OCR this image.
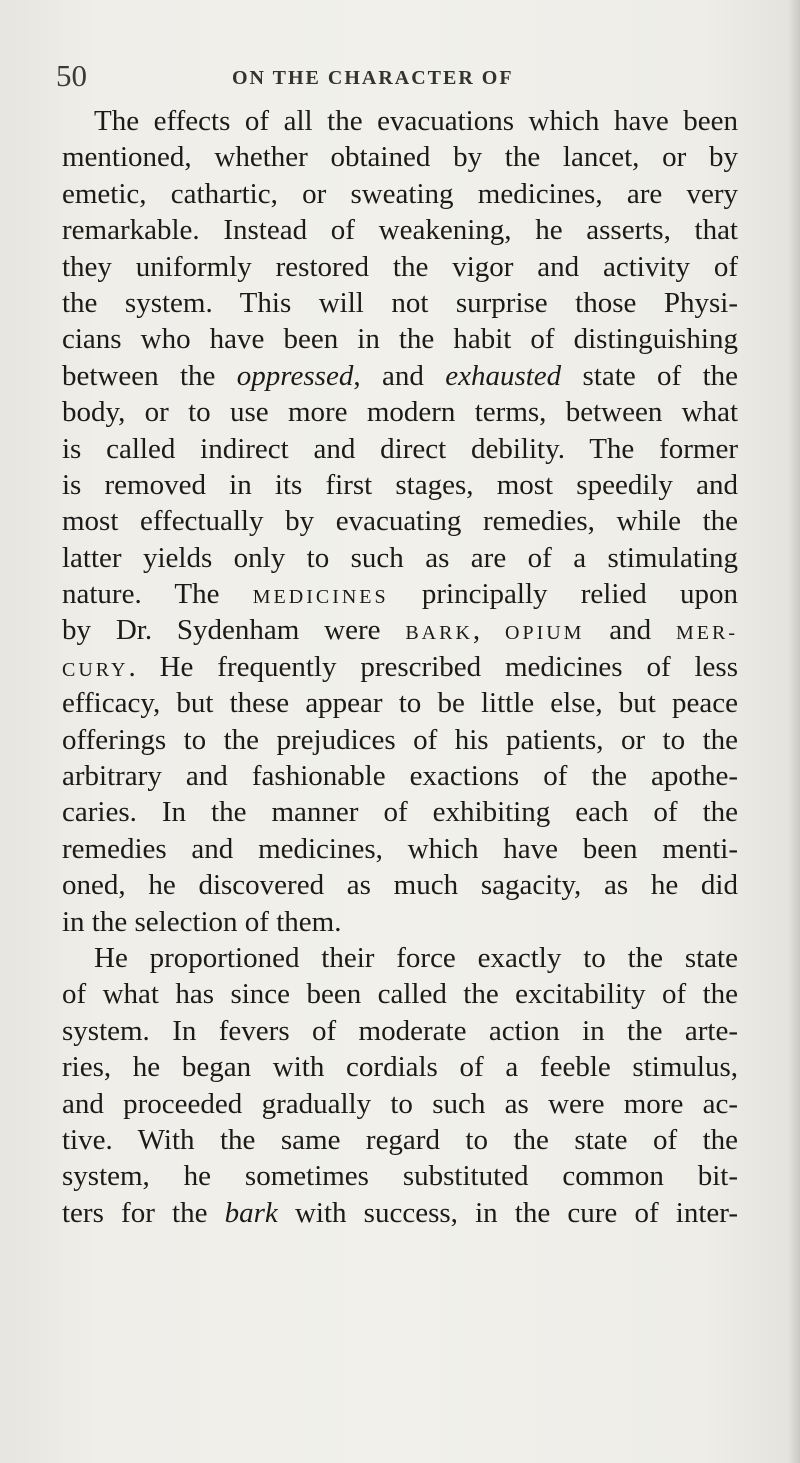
50	ON THE CHARACTER OF
The effects of all the evacuations which have been
mentioned, whether obtained by the lancet, or by
emetic, cathartic, or sweating medicines, are very
remarkable. Instead of weakening, he asserts, that
they uniformly restored the vigor and activity of
the system. This will not surprise those Physi-
cians who have been in the habit of distinguishing
between the oppressed, and exhausted state of the
body, or to use more modern terms, between what
is called indirect and direct debility. The former
is removed in its first stages, most speedily and
most effectually by evacuating remedies, while the
latter yields only to such as are of a stimulating
nature. The MEDICINES principally relied upon
by Dr. Sydenham were BARK, OPIUM and MER-
CURY. He frequently prescribed medicines of less
efficacy, but these appear to be little else, but peace
offerings to the prejudices of his patients, or to the
arbitrary and fashionable exactions of the apothe-
caries. In the manner of exhibiting each of the
remedies and medicines, which have been menti-
oned, he discovered as much sagacity, as he did
in the selection of them.
He proportioned their force exactly to the state
of what has since been called the excitability of the
system. In fevers of moderate action in the arte-
ries, he began with cordials of a feeble stimulus,
and proceeded gradually to such as were more ac-
tive. With the same regard to the state of the
system, he sometimes substituted common bit-
ters for the bark with success, in the cure of inter-
